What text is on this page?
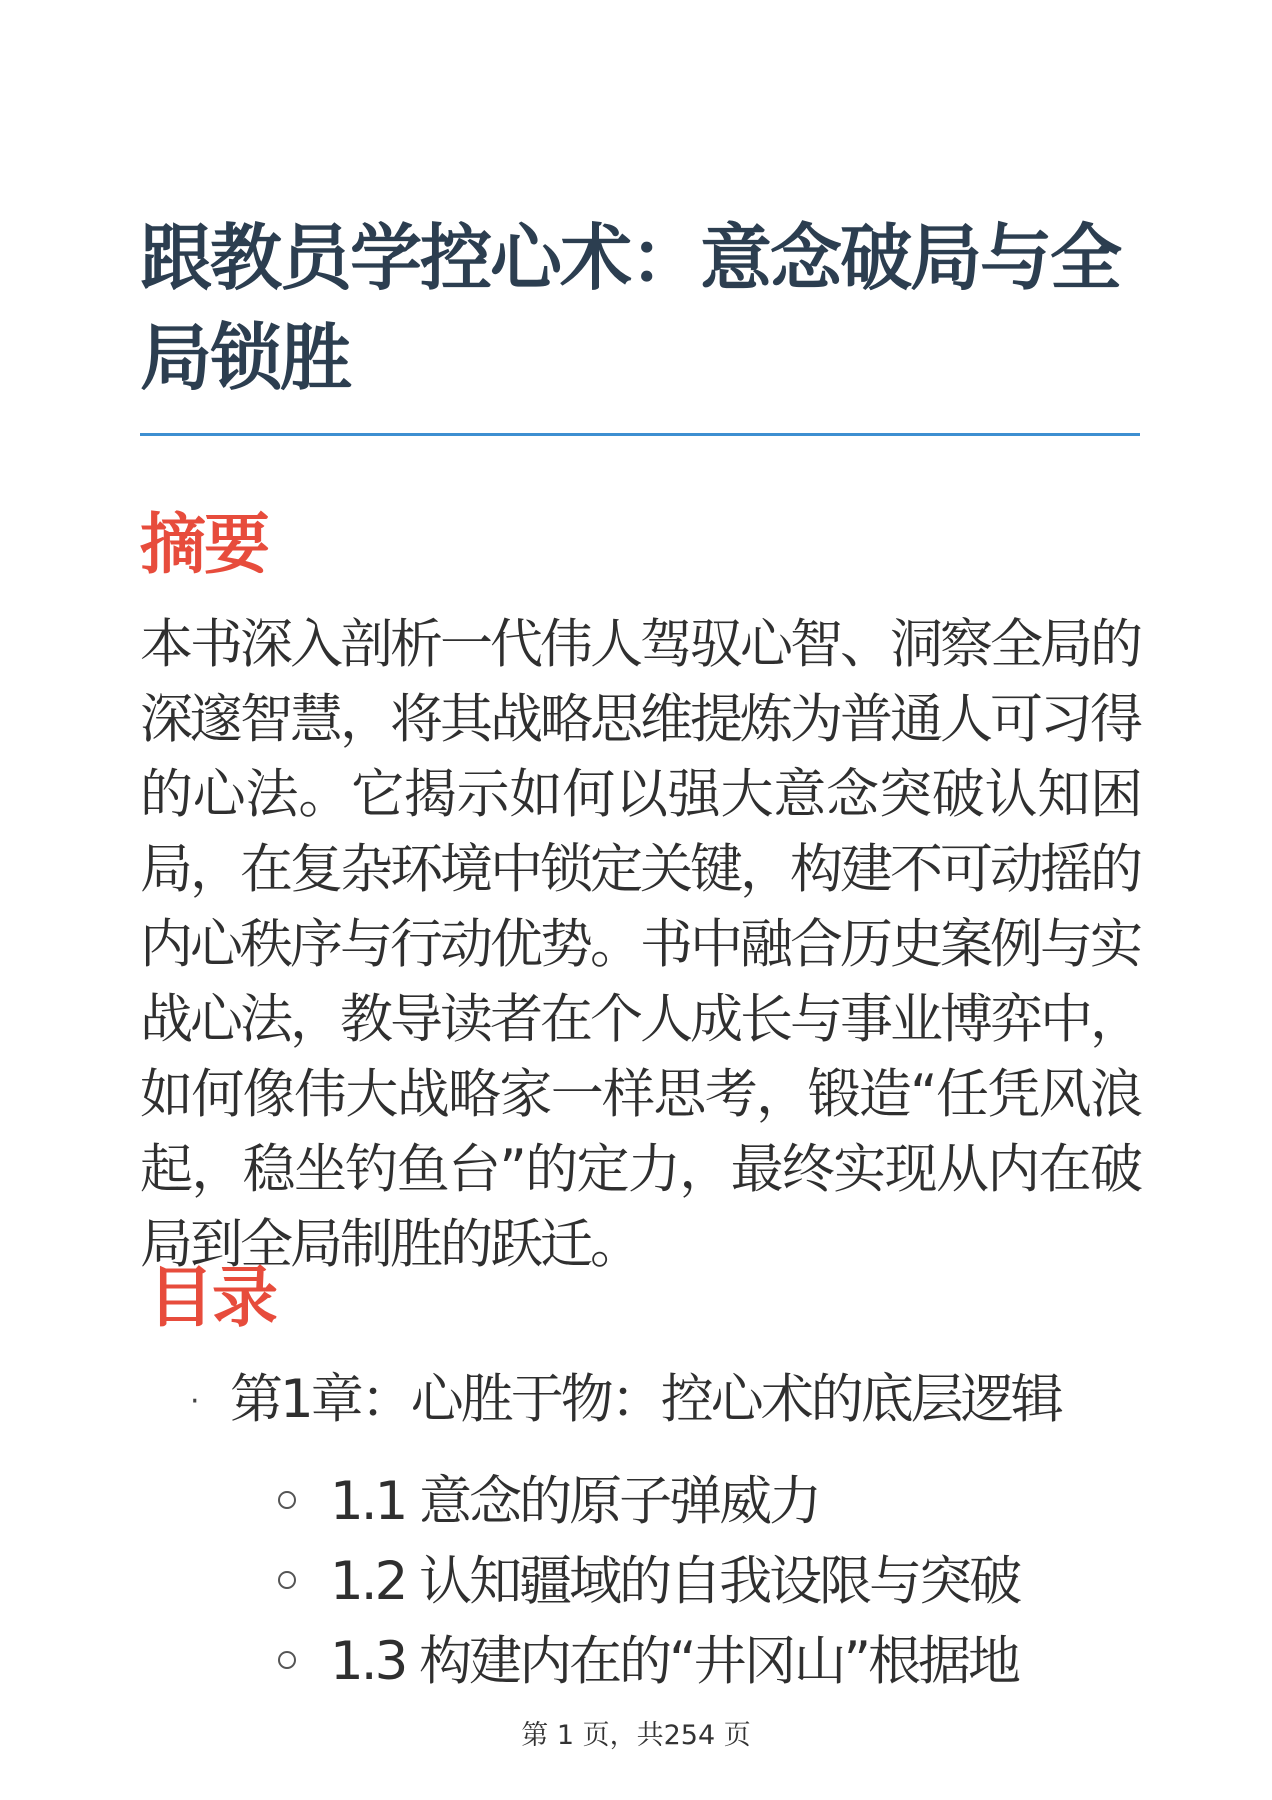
跟教员学控心术：意念破局与全局锁胜
摘要

本书深入剖析一代伟人驾驭心智、洞察全局的深邃智慧，将其战略思维提炼为普通人可习得的心法。它揭示如何以强大意念突破认知困局，在复杂环境中锁定关键，构建不可动摇的内心秩序与行动优势。书中融合历史案例与实战心法，教导读者在个人成长与事业博弈中，如何像伟大战略家一样思考，锻造“任凭风浪起，稳坐钓鱼台”的定力，最终实现从内在破局到全局制胜的跃迁。

目录
· 第1章：心胜于物：控心术的底层逻辑
1.1 意念的原子弹威力
1.2 认知疆域的自我设限与突破
1.3 构建内在的“井冈山”根据地
第 1 页，共254 页
